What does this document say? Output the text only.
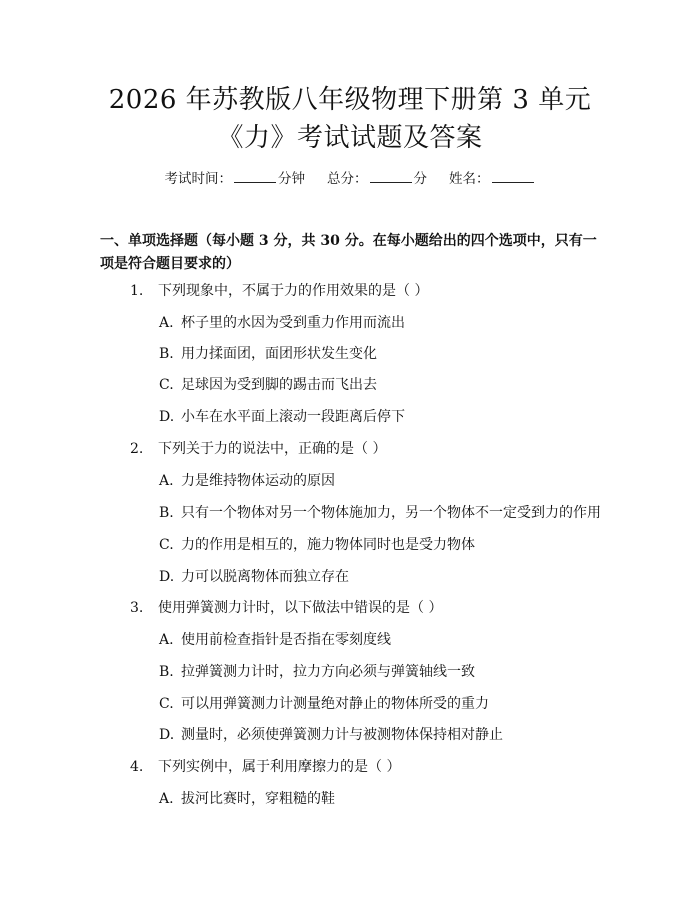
2026 年苏教版八年级物理下册第 3 单元
《力》考试试题及答案
考试时间：	分钟 总分：	分 姓名：
一、单项选择题（每小题 3 分，共 30 分。在每小题给出的四个选项中，只有一项是符合题目要求的）
1. 下列现象中，不属于力的作用效果的是（ ）
A. 杯子里的水因为受到重力作用而流出
B. 用力揉面团，面团形状发生变化
C. 足球因为受到脚的踢击而飞出去
D. 小车在水平面上滚动一段距离后停下
2. 下列关于力的说法中，正确的是（ ）
A. 力是维持物体运动的原因
B. 只有一个物体对另一个物体施加力，另一个物体不一定受到力的作用
C. 力的作用是相互的，施力物体同时也是受力物体
D. 力可以脱离物体而独立存在
3. 使用弹簧测力计时，以下做法中错误的是（ ）
A. 使用前检查指针是否指在零刻度线
B. 拉弹簧测力计时，拉力方向必须与弹簧轴线一致
C. 可以用弹簧测力计测量绝对静止的物体所受的重力
D. 测量时，必须使弹簧测力计与被测物体保持相对静止
4. 下列实例中，属于利用摩擦力的是（ ）
A. 拔河比赛时，穿粗糙的鞋
